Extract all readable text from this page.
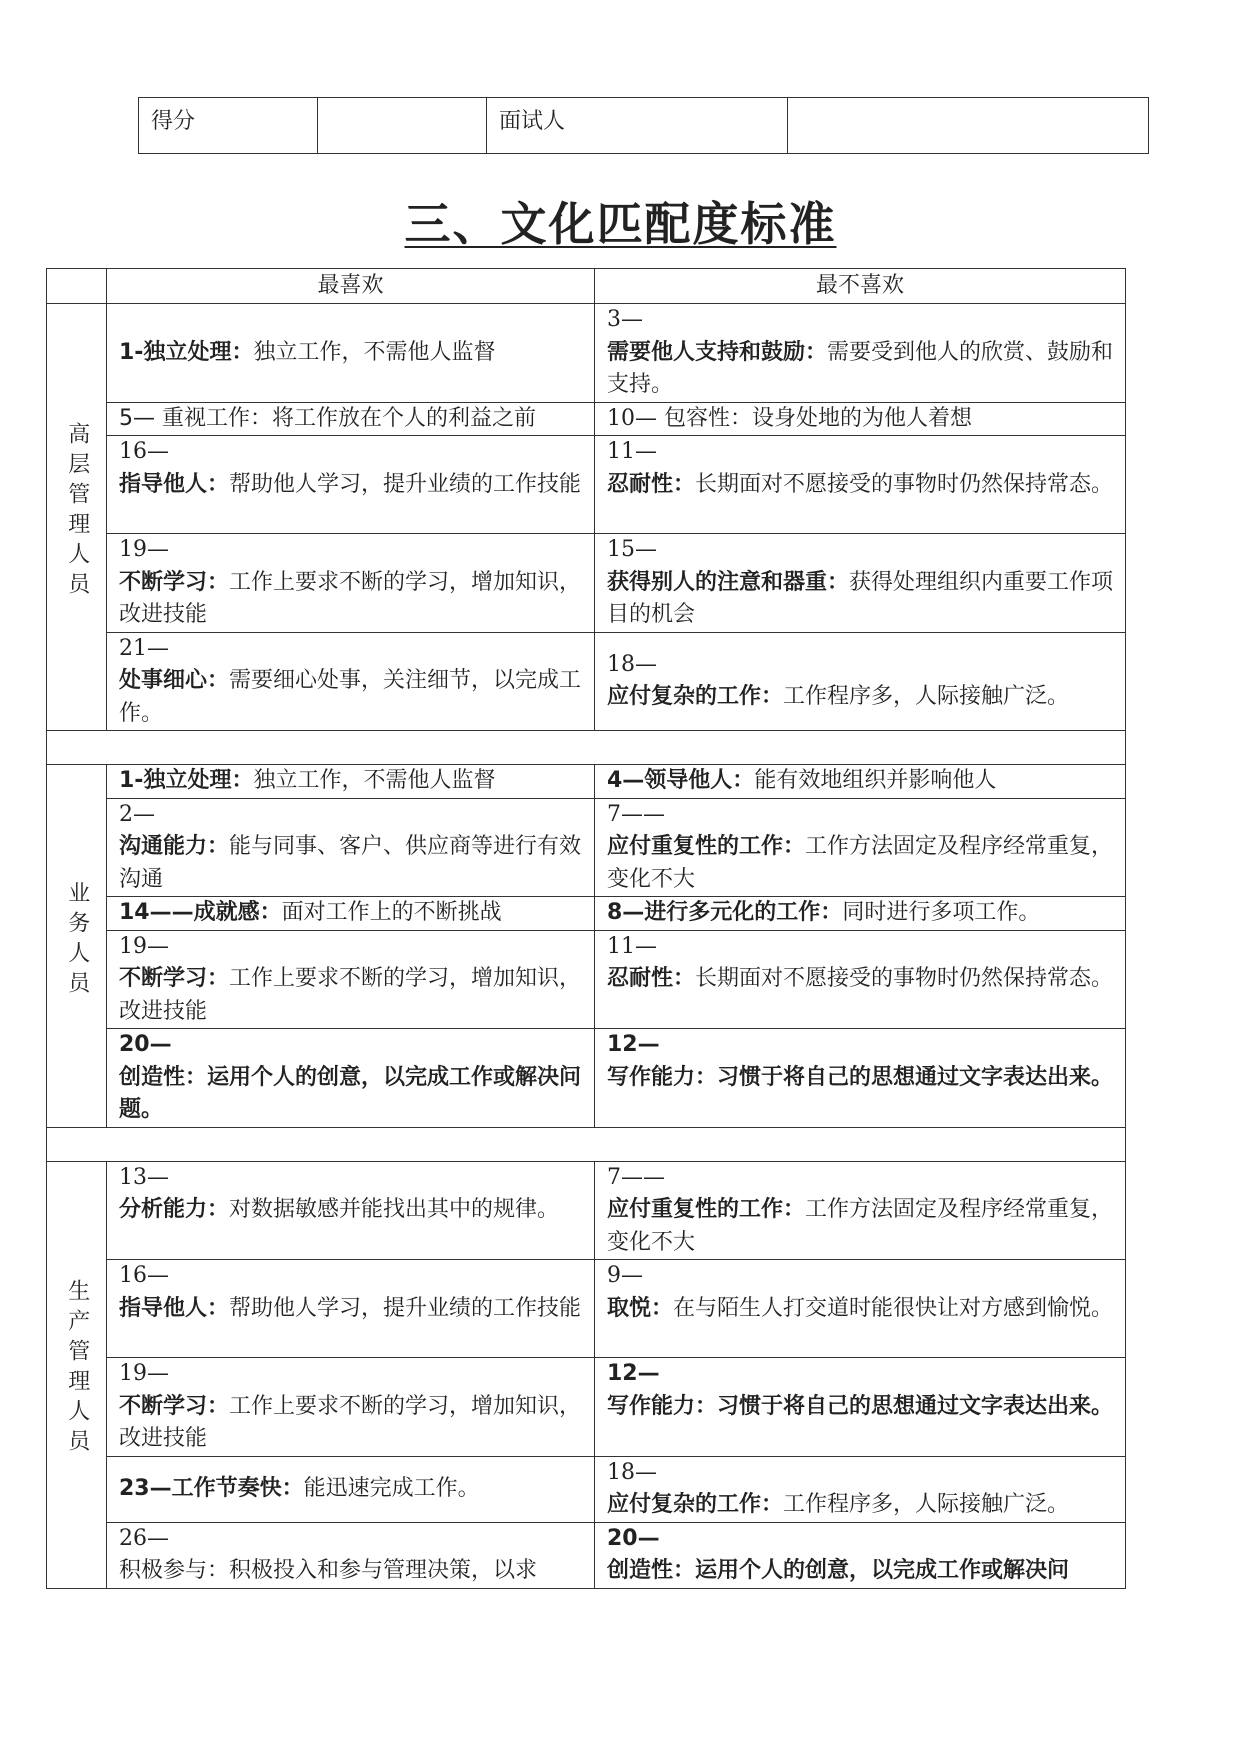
得分		面试人	
三、文化匹配度标准
	最喜欢	最不喜欢
高层管理人员	1-独立处理：独立工作，不需他人监督	3—
需要他人支持和鼓励：需要受到他人的欣赏、鼓励和支持。
	5— 重视工作：将工作放在个人的利益之前	10— 包容性：设身处地的为他人着想

	16—
指导他人：帮助他人学习，提升业绩的工作技能	11—
忍耐性：长期面对不愿接受的事物时仍然保持常态。

	19—
不断学习：工作上要求不断的学习，增加知识，改进技能	15—
获得别人的注意和器重：获得处理组织内重要工作项目的机会

	21—
处事细心：需要细心处事，关注细节，以完成工作。	18—
应付复杂的工作：工作程序多，人际接触广泛。

业务人员	1-独立处理：独立工作，不需他人监督	4—领导他人：能有效地组织并影响他人

	2—
沟通能力：能与同事、客户、供应商等进行有效沟通	7——
应付重复性的工作：工作方法固定及程序经常重复，变化不大
	14——成就感：面对工作上的不断挑战	8—进行多元化的工作：同时进行多项工作。

	19—
不断学习：工作上要求不断的学习，增加知识，改进技能	11—
忍耐性：长期面对不愿接受的事物时仍然保持常态。

	20—
创造性：运用个人的创意，以完成工作或解决问题。	12—
写作能力：习惯于将自己的思想通过文字表达出来。

生产管理人员	13—
分析能力：对数据敏感并能找出其中的规律。	7——
应付重复性的工作：工作方法固定及程序经常重复，变化不大

	16—
指导他人：帮助他人学习，提升业绩的工作技能	9—
取悦：在与陌生人打交道时能很快让对方感到愉悦。

	19—
不断学习：工作上要求不断的学习，增加知识，改进技能	12—
写作能力：习惯于将自己的思想通过文字表达出来。
	23—工作节奏快：能迅速完成工作。	18—
应付复杂的工作：工作程序多，人际接触广泛。

	26—
积极参与：积极投入和参与管理决策，以求	20—
创造性：运用个人的创意，以完成工作或解决问
